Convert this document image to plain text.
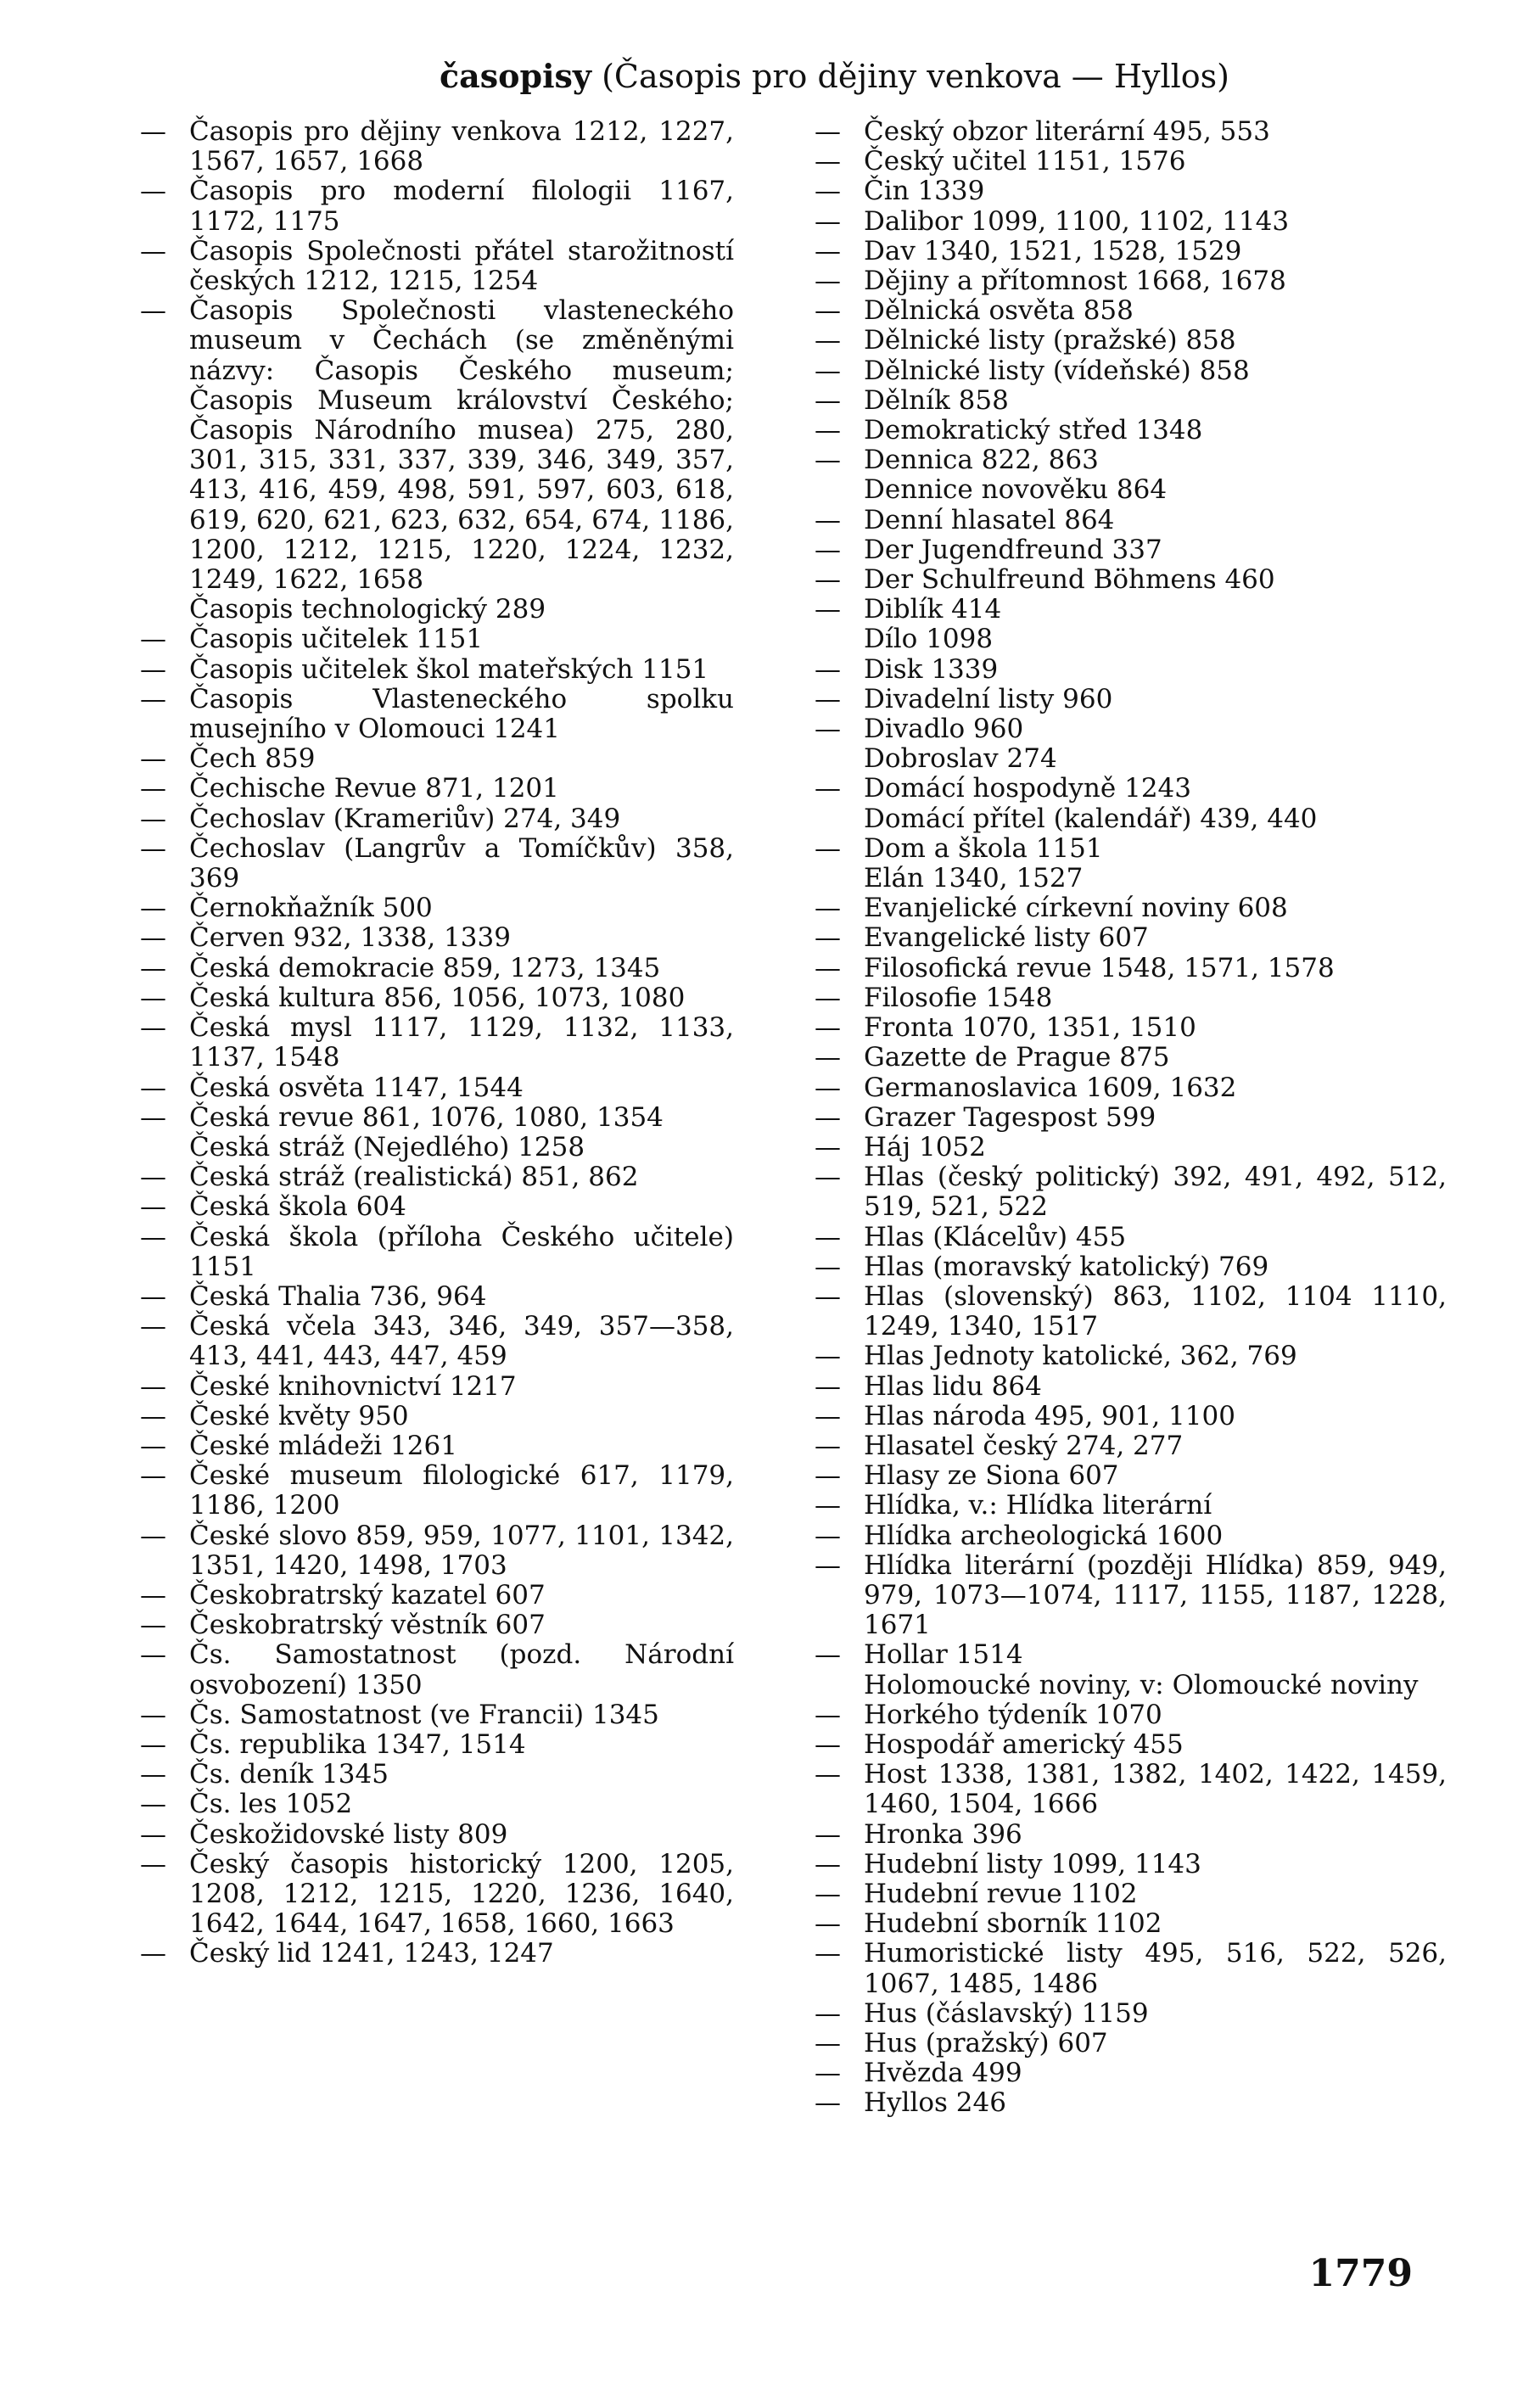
časopisy (Časopis pro dějiny venkova — Hyllos)
— Časopis pro dějiny venkova 1212, 1227, 1567, 1657, 1668
— Časopis pro moderní filologii 1167, 1172, 1175
— Časopis Společnosti přátel starožitností českých 1212, 1215, 1254
— Časopis Společnosti vlasteneckého museum v Čechách (se změněnými názvy: Časopis Českého museum; Časopis Museum království Českého; Časopis Národního musea) 275, 280, 301, 315, 331, 337, 339, 346, 349, 357, 413, 416, 459, 498, 591, 597, 603, 618, 619, 620, 621, 623, 632, 654, 674, 1186, 1200, 1212, 1215, 1220, 1224, 1232, 1249, 1622, 1658
Časopis technologický 289
— Časopis učitelek 1151
— Časopis učitelek škol mateřských 1151
— Časopis Vlasteneckého spolku musejního v Olomouci 1241
— Čech 859
— Čechische Revue 871, 1201
— Čechoslav (Krameriův) 274, 349
— Čechoslav (Langrův a Tomíčkův) 358, 369
— Černokňažník 500
— Červen 932, 1338, 1339
— Česká demokracie 859, 1273, 1345
— Česká kultura 856, 1056, 1073, 1080
— Česká mysl 1117, 1129, 1132, 1133, 1137, 1548
— Česká osvěta 1147, 1544
— Česká revue 861, 1076, 1080, 1354
Česká stráž (Nejedlého) 1258
— Česká stráž (realistická) 851, 862
— Česká škola 604
— Česká škola (příloha Českého učitele) 1151
— Česká Thalia 736, 964
— Česká včela 343, 346, 349, 357—358, 413, 441, 443, 447, 459
— České knihovnictví 1217
— České květy 950
— České mládeži 1261
— České museum filologické 617, 1179, 1186, 1200
— České slovo 859, 959, 1077, 1101, 1342, 1351, 1420, 1498, 1703
— Českobratrský kazatel 607
— Českobratrský věstník 607
— Čs. Samostatnost (pozd. Národní osvobození) 1350
— Čs. Samostatnost (ve Francii) 1345
— Čs. republika 1347, 1514
— Čs. deník 1345
— Čs. les 1052
— Českožidovské listy 809
— Český časopis historický 1200, 1205, 1208, 1212, 1215, 1220, 1236, 1640, 1642, 1644, 1647, 1658, 1660, 1663
— Český lid 1241, 1243, 1247
— Český obzor literární 495, 553
— Český učitel 1151, 1576
— Čin 1339
— Dalibor 1099, 1100, 1102, 1143
— Dav 1340, 1521, 1528, 1529
— Dějiny a přítomnost 1668, 1678
— Dělnická osvěta 858
— Dělnické listy (pražské) 858
— Dělnické listy (vídeňské) 858
— Dělník 858
— Demokratický střed 1348
— Dennica 822, 863
Dennice novověku 864
— Denní hlasatel 864
— Der Jugendfreund 337
— Der Schulfreund Böhmens 460
— Diblík 414
Dílo 1098
— Disk 1339
— Divadelní listy 960
— Divadlo 960
Dobroslav 274
— Domácí hospodyně 1243
Domácí přítel (kalendář) 439, 440
— Dom a škola 1151
Elán 1340, 1527
— Evanjelické církevní noviny 608
— Evangelické listy 607
— Filosofická revue 1548, 1571, 1578
— Filosofie 1548
— Fronta 1070, 1351, 1510
— Gazette de Prague 875
— Germanoslavica 1609, 1632
— Grazer Tagespost 599
— Háj 1052
— Hlas (český politický) 392, 491, 492, 512, 519, 521, 522
— Hlas (Klácelův) 455
— Hlas (moravský katolický) 769
— Hlas (slovenský) 863, 1102, 1104 1110, 1249, 1340, 1517
— Hlas Jednoty katolické, 362, 769
— Hlas lidu 864
— Hlas národa 495, 901, 1100
— Hlasatel český 274, 277
— Hlasy ze Siona 607
— Hlídka, v.: Hlídka literární
— Hlídka archeologická 1600
— Hlídka literární (později Hlídka) 859, 949, 979, 1073—1074, 1117, 1155, 1187, 1228, 1671
— Hollar 1514
Holomoucké noviny, v: Olomoucké noviny
— Horkého týdeník 1070
— Hospodář americký 455
— Host 1338, 1381, 1382, 1402, 1422, 1459, 1460, 1504, 1666
— Hronka 396
— Hudební listy 1099, 1143
— Hudební revue 1102
— Hudební sborník 1102
— Humoristické listy 495, 516, 522, 526, 1067, 1485, 1486
— Hus (čáslavský) 1159
— Hus (pražský) 607
— Hvězda 499
— Hyllos 246
1779
